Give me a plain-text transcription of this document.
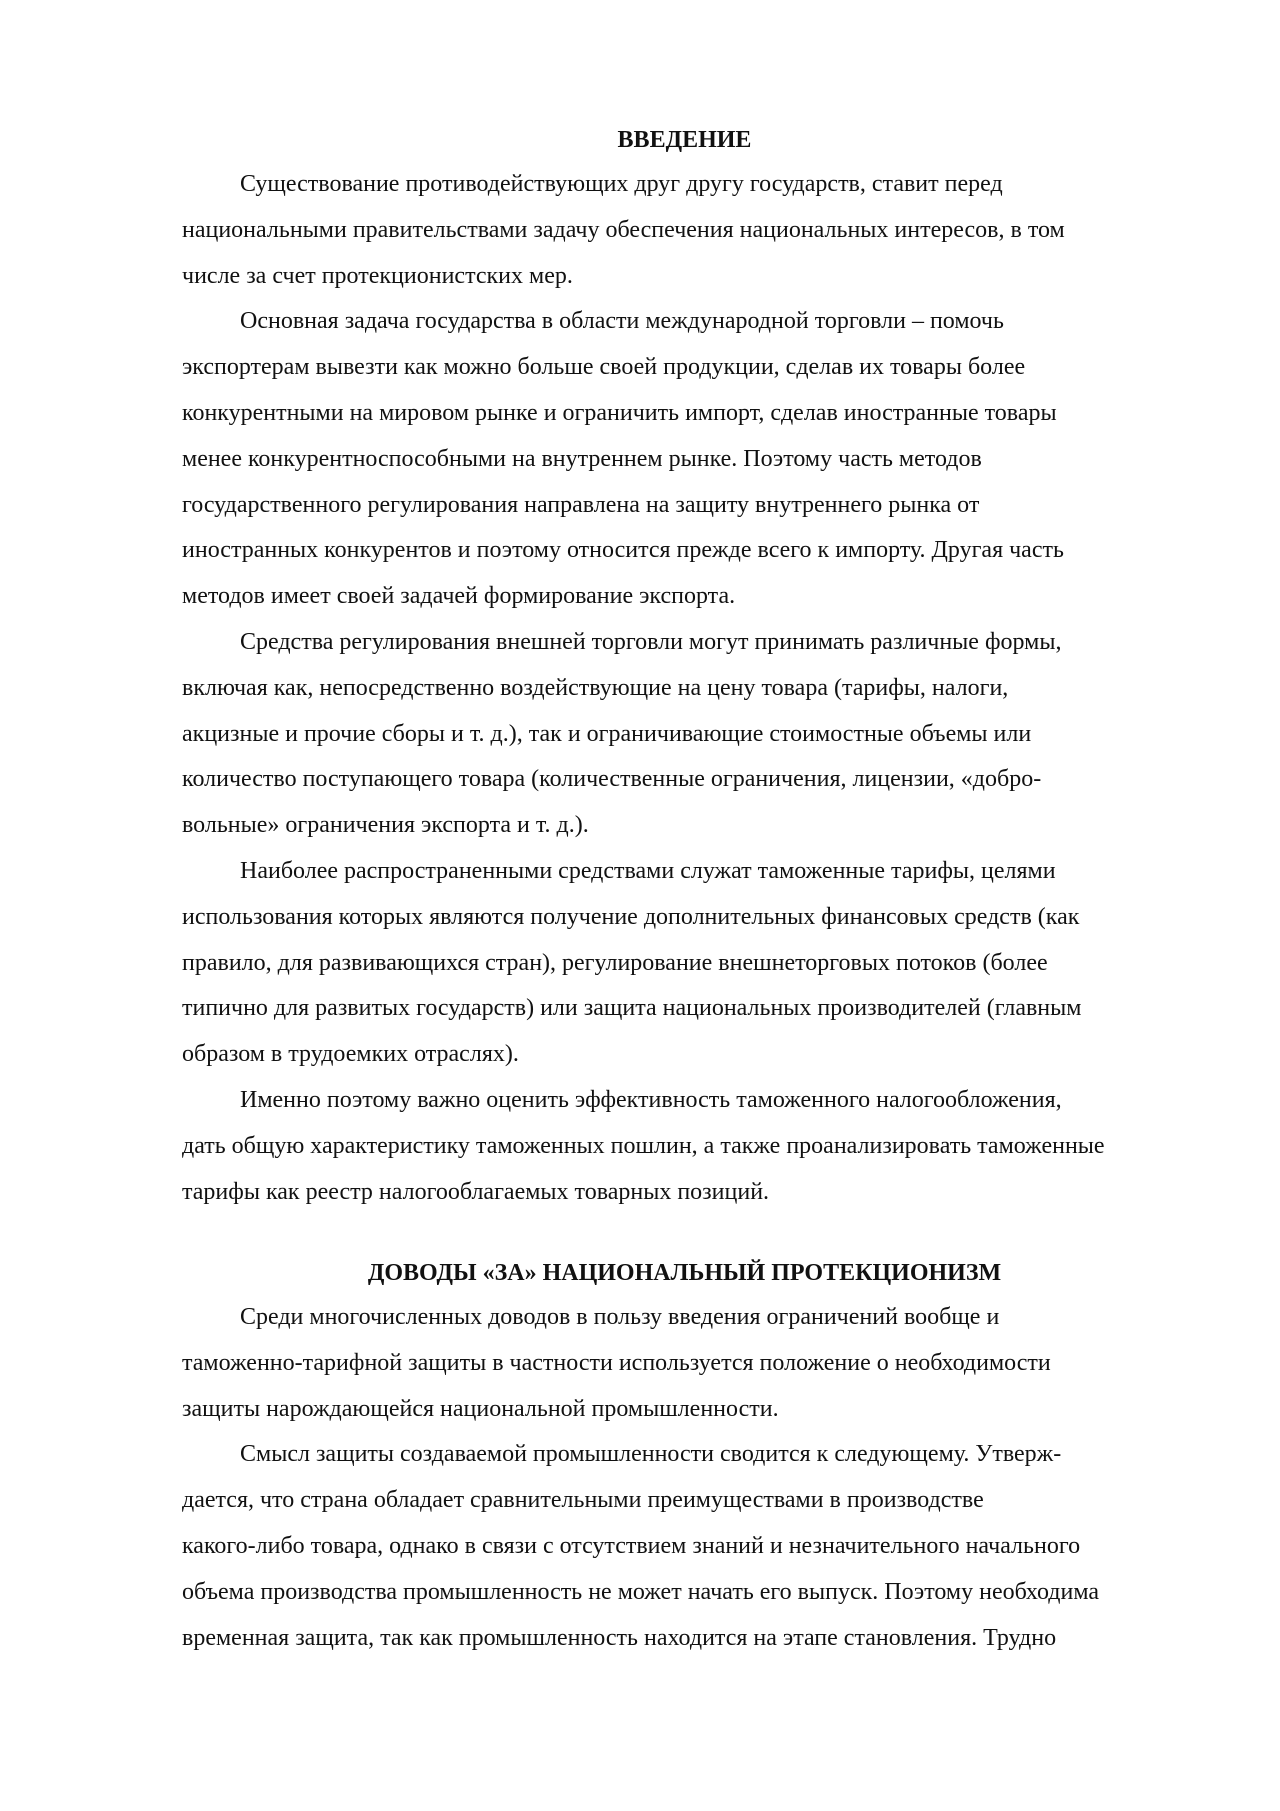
ВВЕДЕНИЕ

Существование противодействующих друг другу государств, ставит перед
национальными правительствами задачу обеспечения национальных интересов, в том
числе за счет протекционистских мер.

Основная задача государства в области международной торговли – помочь
экспортерам вывезти как можно больше своей продукции, сделав их товары более
конкурентными на мировом рынке и ограничить импорт, сделав иностранные товары
менее конкурентноспособными на внутреннем рынке. Поэтому часть методов
государственного регулирования направлена на защиту внутреннего рынка от
иностранных конкурентов и поэтому относится прежде всего к импорту. Другая часть
методов имеет своей задачей формирование экспорта.

Средства регулирования внешней торговли могут принимать различные формы,
включая как, непосредственно воздействующие на цену товара (тарифы, налоги,
акцизные и прочие сборы и т. д.), так и ограничивающие стоимостные объемы или
количество поступающего товара (количественные ограничения, лицензии, «добро-
вольные» ограничения экспорта и т. д.).

Наиболее распространенными средствами служат таможенные тарифы, целями
использования которых являются получение дополнительных финансовых средств (как
правило, для развивающихся стран), регулирование внешнеторговых потоков (более
типично для развитых государств) или защита национальных производителей (главным
образом в трудоемких отраслях).

Именно поэтому важно оценить эффективность таможенного налогообложения,
дать общую характеристику таможенных пошлин, а также проанализировать таможенные
тарифы как реестр налогооблагаемых товарных позиций.

ДОВОДЫ «ЗА» НАЦИОНАЛЬНЫЙ ПРОТЕКЦИОНИЗМ

Среди многочисленных доводов в пользу введения ограничений вообще и
таможенно-тарифной защиты в частности используется положение о необходимости
защиты нарождающейся национальной промышленности.

Смысл защиты создаваемой промышленности сводится к следующему. Утверж-
дается, что страна обладает сравнительными преимуществами в производстве
какого-либо товара, однако в связи с отсутствием знаний и незначительного начального
объема производства промышленность не может начать его выпуск. Поэтому необходима
временная защита, так как промышленность находится на этапе становления. Трудно
